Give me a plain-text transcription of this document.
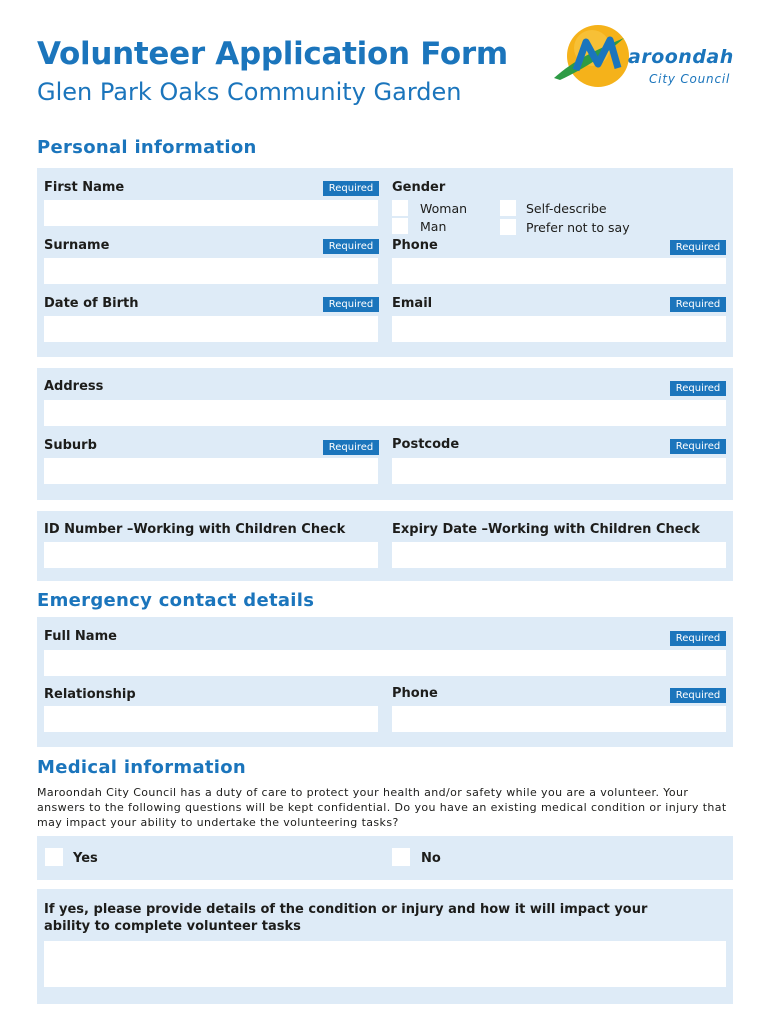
Volunteer Application Form
Glen Park Oaks Community Garden
aroondah
City Council
Personal information
First Name	Required	Gender
Woman
Man
Self-describe
Prefer not to say
Surname	Required	Phone	Required
Date of Birth	Required	Email	Required
Address	Required
Suburb	Required	Postcode	Required
ID Number –Working with Children Check	Expiry Date –Working with Children Check
Emergency contact details
Full Name	Required
Relationship	Phone	Required
Medical information
Maroondah City Council has a duty of care to protect your health and/or safety while you are a volunteer. Your answers to the following questions will be kept confidential. Do you have an existing medical condition or injury that may impact your ability to undertake the volunteering tasks?
Yes	No
If yes, please provide details of the condition or injury and how it will impact your ability to complete volunteer tasks
